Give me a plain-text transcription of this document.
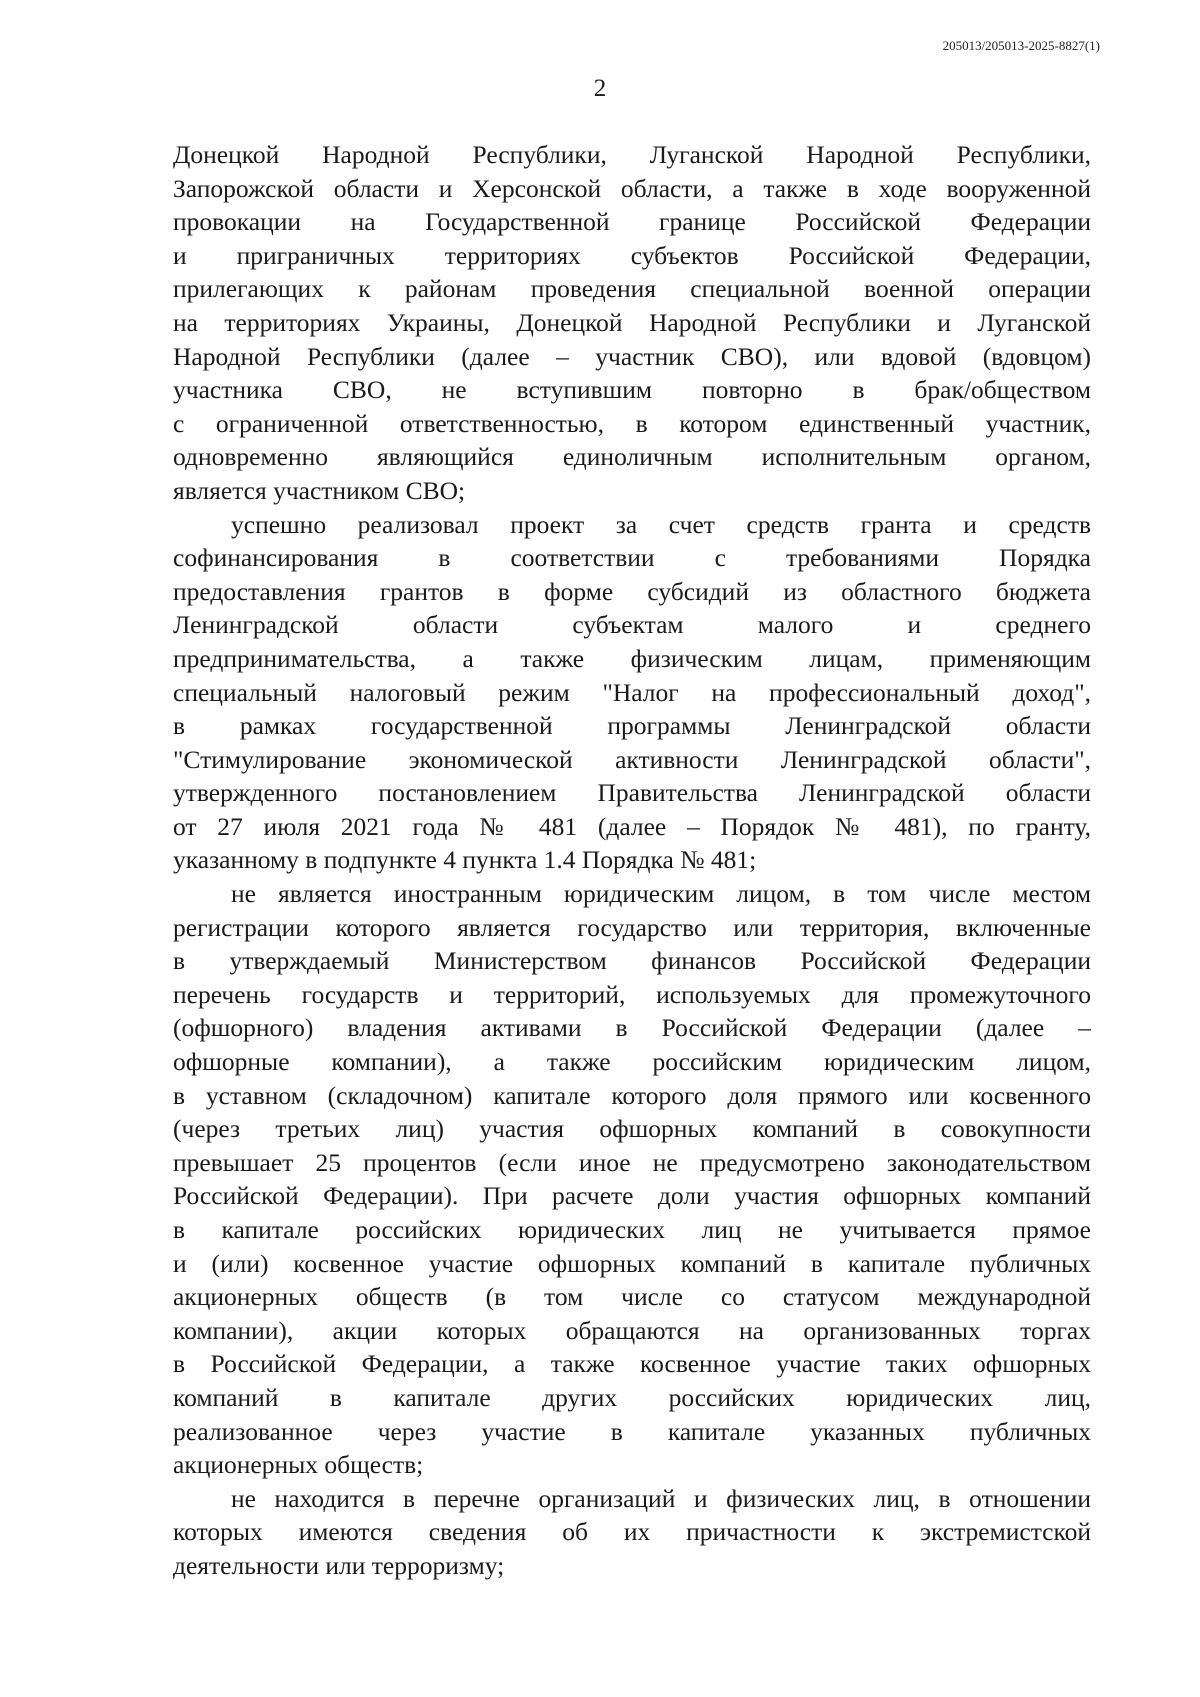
205013/205013-2025-8827(1)
2
Донецкой Народной Республики, Луганской Народной Республики,
Запорожской области и Херсонской области, а также в ходе вооруженной
провокации на Государственной границе Российской Федерации
и приграничных территориях субъектов Российской Федерации,
прилегающих к районам проведения специальной военной операции
на территориях Украины, Донецкой Народной Республики и Луганской
Народной Республики (далее – участник СВО), или вдовой (вдовцом)
участника СВО, не вступившим повторно в брак/обществом
с ограниченной ответственностью, в котором единственный участник,
одновременно являющийся единоличным исполнительным органом,
является участником СВО;
успешно реализовал проект за счет средств гранта и средств
софинансирования в соответствии с требованиями Порядка
предоставления грантов в форме субсидий из областного бюджета
Ленинградской области субъектам малого и среднего
предпринимательства, а также физическим лицам, применяющим
специальный налоговый режим "Налог на профессиональный доход",
в рамках государственной программы Ленинградской области
"Стимулирование экономической активности Ленинградской области",
утвержденного постановлением Правительства Ленинградской области
от 27 июля 2021 года № 481 (далее – Порядок № 481), по гранту,
указанному в подпункте 4 пункта 1.4 Порядка № 481;
не является иностранным юридическим лицом, в том числе местом
регистрации которого является государство или территория, включенные
в утверждаемый Министерством финансов Российской Федерации
перечень государств и территорий, используемых для промежуточного
(офшорного) владения активами в Российской Федерации (далее –
офшорные компании), а также российским юридическим лицом,
в уставном (складочном) капитале которого доля прямого или косвенного
(через третьих лиц) участия офшорных компаний в совокупности
превышает 25 процентов (если иное не предусмотрено законодательством
Российской Федерации). При расчете доли участия офшорных компаний
в капитале российских юридических лиц не учитывается прямое
и (или) косвенное участие офшорных компаний в капитале публичных
акционерных обществ (в том числе со статусом международной
компании), акции которых обращаются на организованных торгах
в Российской Федерации, а также косвенное участие таких офшорных
компаний в капитале других российских юридических лиц,
реализованное через участие в капитале указанных публичных
акционерных обществ;
не находится в перечне организаций и физических лиц, в отношении
которых имеются сведения об их причастности к экстремистской
деятельности или терроризму;
